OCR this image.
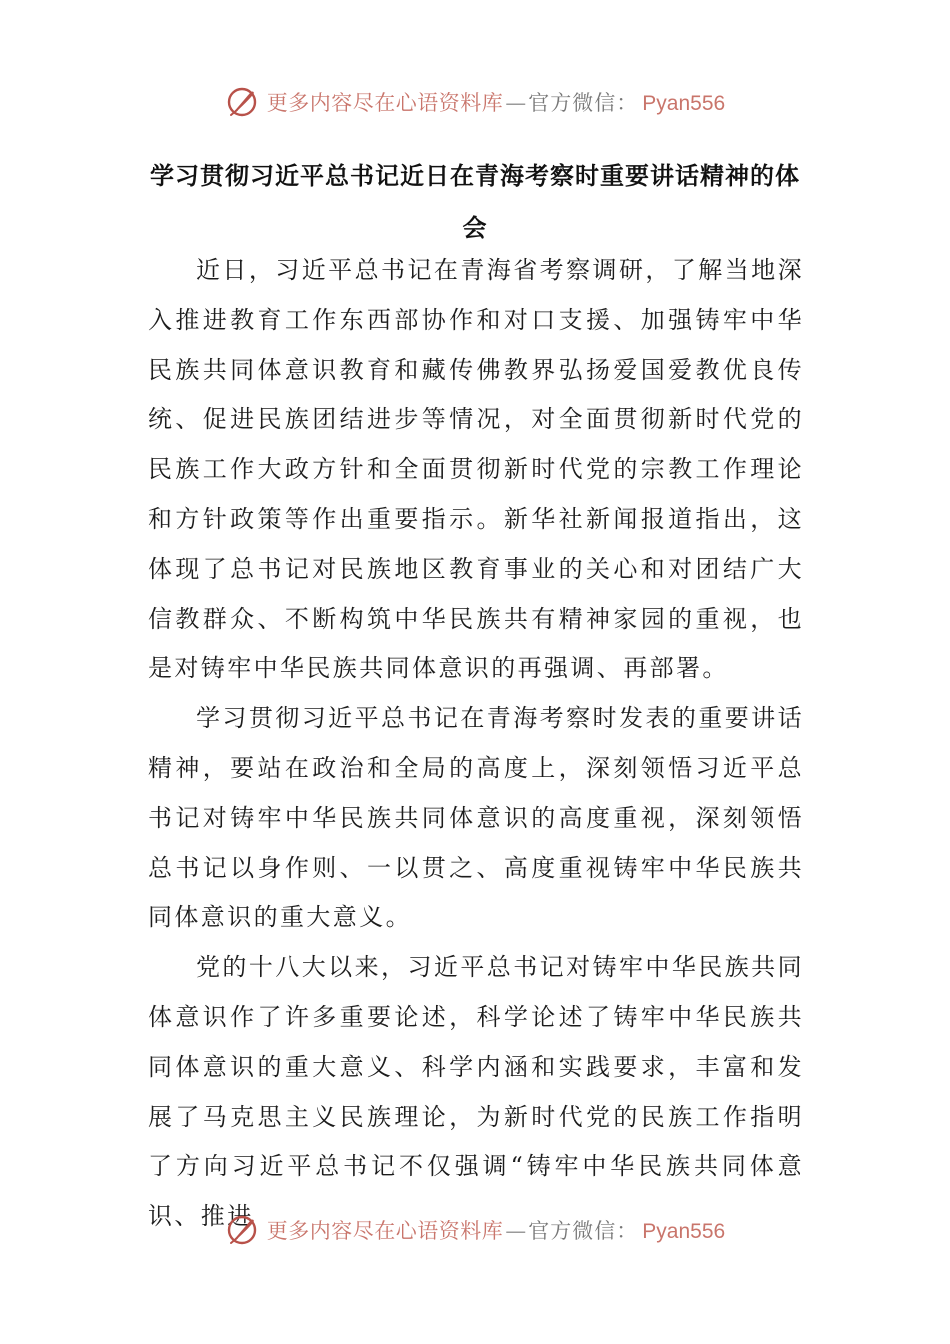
更多内容尽在心语资料库 — 官方微信： Pyan556
学习贯彻习近平总书记近日在青海考察时重要讲话精神的体会

近日，习近平总书记在青海省考察调研，了解当地深入推进教育工作东西部协作和对口支援、加强铸牢中华民族共同体意识教育和藏传佛教界弘扬爱国爱教优良传统、促进民族团结进步等情况，对全面贯彻新时代党的民族工作大政方针和全面贯彻新时代党的宗教工作理论和方针政策等作出重要指示。新华社新闻报道指出，这体现了总书记对民族地区教育事业的关心和对团结广大信教群众、不断构筑中华民族共有精神家园的重视，也是对铸牢中华民族共同体意识的再强调、再部署。

学习贯彻习近平总书记在青海考察时发表的重要讲话精神，要站在政治和全局的高度上，深刻领悟习近平总书记对铸牢中华民族共同体意识的高度重视，深刻领悟总书记以身作则、一以贯之、高度重视铸牢中华民族共同体意识的重大意义。

党的十八大以来，习近平总书记对铸牢中华民族共同体意识作了许多重要论述，科学论述了铸牢中华民族共同体意识的重大意义、科学内涵和实践要求，丰富和发展了马克思主义民族理论，为新时代党的民族工作指明了方向习近平总书记不仅强调“铸牢中华民族共同体意识、推进

更多内容尽在心语资料库 — 官方微信： Pyan556
